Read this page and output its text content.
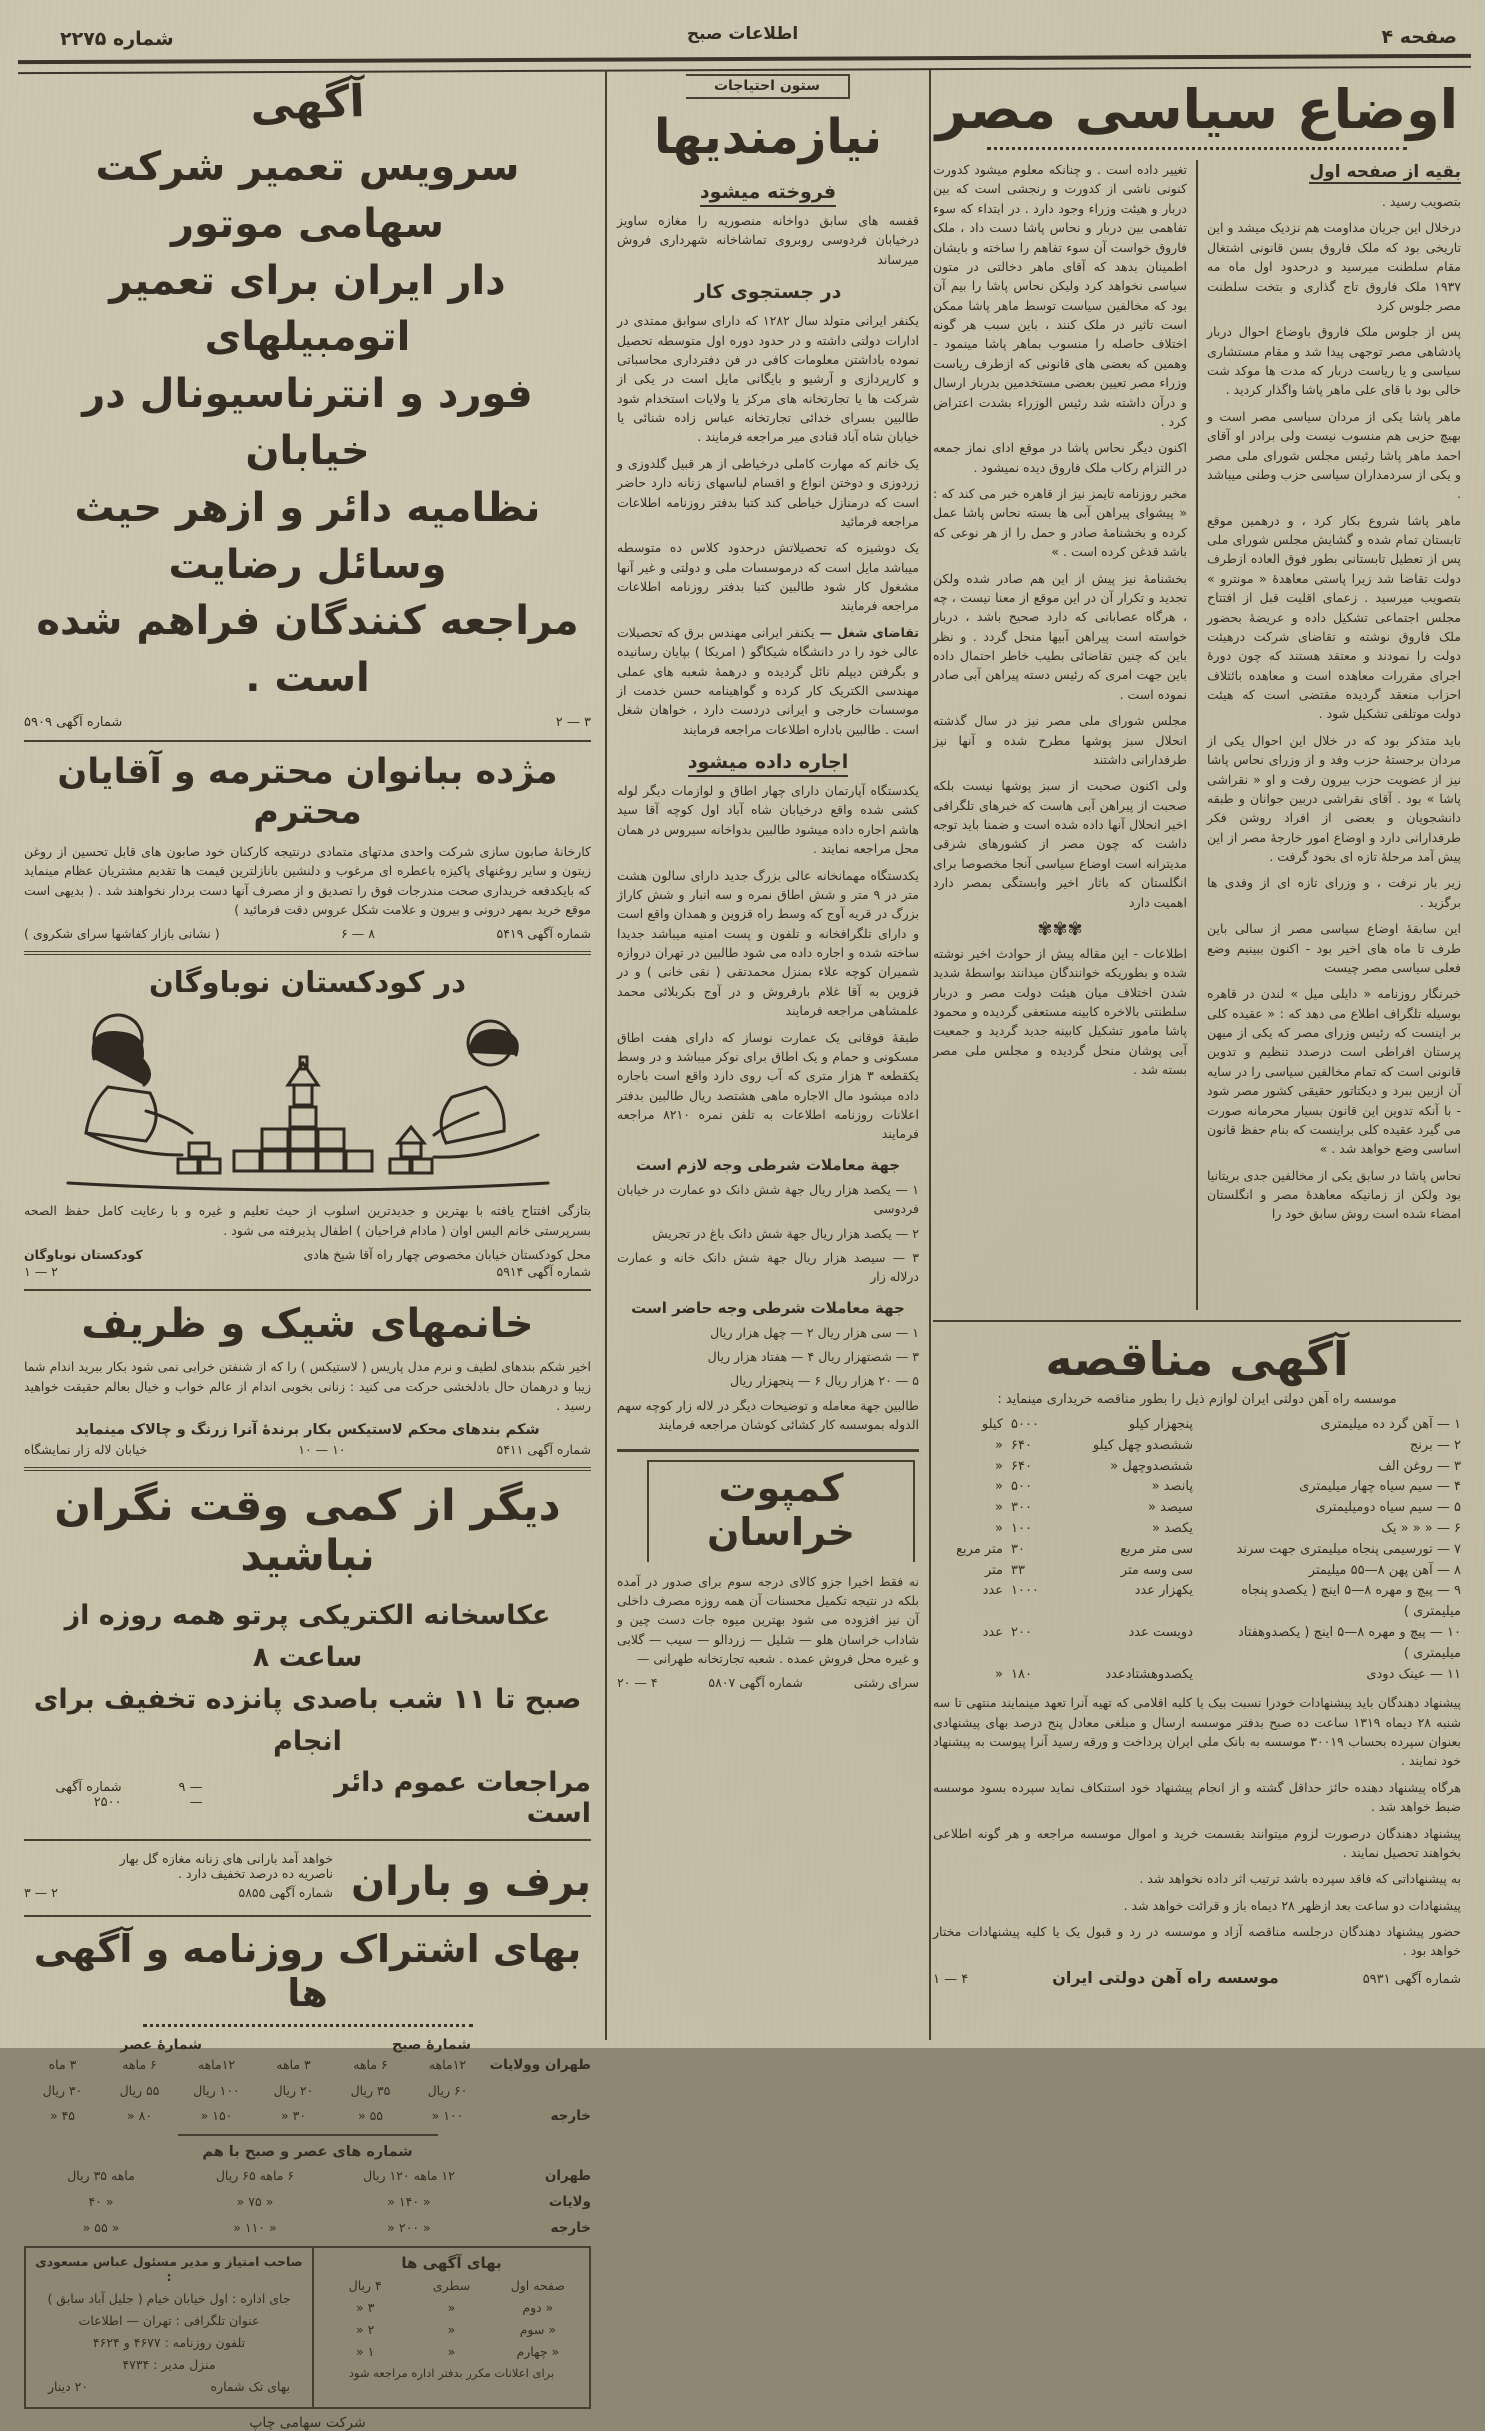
صفحه ۴
اطلاعات صبح
شماره ۲۲۷۵
اوضاع سیاسی مصر
بقیه از صفحه اول

بتصویب رسید .

درخلال این جریان مداومت هم نزدیک میشد و این تاریخی بود که ملک فاروق بسن قانونی اشتغال مقام سلطنت میرسید و درحدود اول ماه مه ۱۹۳۷ ملک فاروق تاج گذاری و بتخت سلطنت مصر جلوس کرد

پس از جلوس ملک فاروق باوضاع احوال دربار پادشاهی مصر توجهی پیدا شد و مقام مستشاری سیاسی و یا ریاست دربار که مدت ها موکد شت خالی بود با قای علی ماهر پاشا واگذار کردید .

ماهر پاشا یکی از مردان سیاسی مصر است و بهیچ حزبی هم منسوب نیست ولی برادر او آقای احمد ماهر پاشا رئیس مجلس شورای ملی مصر و یکی از سردمداران سیاسی حزب وطنی میباشد .

ماهر پاشا شروع بکار کرد ، و درهمین موقع تابستان تمام شده و گشایش مجلس شورای ملی پس از تعطیل تابستانی بطور فوق العاده ازطرف دولت تقاضا شد زیرا پاستی معاهدهٔ « مونترو » بتصویب میرسید . زعمای اقلیت قبل از افتتاح مجلس اجتماعی تشکیل داده و عریضهٔ بحضور ملک فاروق نوشته و تقاضای شرکت درهیئت دولت را نمودند و معتقد هستند که چون دورهٔ اجرای مقررات معاهده است و معاهده بائتلاف احزاب منعقد گردیده مقتضی است که هیئت دولت موتلفی تشکیل شود .

باید متذکر بود که در خلال این احوال یکی از مردان برجستهٔ حزب وفد و از وزرای نحاس پاشا نیز از عضویت حزب بیرون رفت و او « نقراشی پاشا » بود . آقای نقراشی دربین جوانان و طبقه دانشجویان و بعضی از افراد روشن فکر طرفدارانی دارد و اوضاع امور خارجهٔ مصر از این پیش آمد مرحلهٔ تازه ای بخود گرفت .

زیر بار نرفت ، و وزرای تازه ای از وفدی ها برگزید .

این سابقهٔ اوضاع سیاسی مصر از سالی باین طرف تا ماه های اخیر بود - اکنون ببینیم وضع فعلی سیاسی مصر چیست

خبرنگار روزنامه « دایلی میل » لندن در قاهره بوسیله تلگراف اطلاع می دهد که : « عقیده کلی بر اینست که رئیس وزرای مصر که یکی از میهن پرستان افراطی است درصدد تنظیم و تدوین قانونی است که تمام مخالفین سیاسی را در سایه آن ازبین ببرد و دیکتاتور حقیقی کشور مصر شود - با آنکه تدوین این قانون بسیار محرمانه صورت می گیرد عقیده کلی براینست که بنام حفظ قانون اساسی وضع خواهد شد . »

نحاس پاشا در سابق یکی از مخالفین جدی بریتانیا بود ولکن از زمانیکه معاهدهٔ مصر و انگلستان امضاء شده است روش سابق خود را

تغییر داده است . و چنانکه معلوم میشود کدورت کنونی ناشی از کدورت و رنجشی است که بین دربار و هیئت وزراء وجود دارد . در ابتداء که سوء تفاهمی بین دربار و نحاس پاشا دست داد ، ملک فاروق خواست آن سوء تفاهم را ساخته و بایشان اطمینان بدهد که آقای ماهر دخالتی در متون سیاسی نخواهد کرد ولیکن نحاس پاشا را بیم آن بود که مخالفین سیاست توسط ماهر پاشا ممکن است تاثیر در ملک کنند ، باین سبب هر گونه اختلاف حاصله را منسوب بماهر پاشا مینمود - وهمین که بعضی های قانونی که ازطرف ریاست وزراء مصر تعیین بعضی مستخدمین بدربار ارسال و درآن داشته شد رئیس الوزراء بشدت اعتراض کرد .

اکنون دیگر نحاس پاشا در موقع ادای نماز جمعه در التزام رکاب ملک فاروق دیده نمیشود .

مخبر روزنامه تایمز نیز از قاهره خبر می کند که : « پیشوای پیراهن آبی ها بسته نحاس پاشا عمل کرده و بخشنامهٔ صادر و حمل را از هر نوعی که باشد قدغن کرده است . »

بخشنامهٔ نیز پیش از این هم صادر شده ولکن تجدید و تکرار آن در این موقع از معنا نیست ، چه ، هرگاه عصابانی که دارد صحیح باشد ، دربار خواسته است پیراهن آبیها منحل گردد . و نظر باین که چنین تقاضائی بطیب خاطر احتمال داده باین جهت امری که رئیس دسته پیراهن آبی صادر نموده است .

مجلس شورای ملی مصر نیز در سال گذشته انحلال سبز پوشها مطرح شده و آنها نیز طرفدارانی داشتند

ولی اکنون صحبت از سبز پوشها نیست بلکه صحبت از پیراهن آبی هاست که خبرهای تلگرافی اخیر انحلال آنها داده شده است و ضمنا باید توجه داشت که چون مصر از کشورهای شرقی مدیترانه است اوضاع سیاسی آنجا مخصوصا برای انگلستان که باثار اخیر وابستگی بمصر دارد اهمیت دارد

✾✾✾

اطلاعات - این مقاله پیش از حوادث اخیر نوشته شده و بطوریکه خوانندگان میدانند بواسطهٔ شدید شدن اختلاف میان هیئت دولت مصر و دربار سلطنتی بالاخره کابینه مستعفی گردیده و محمود پاشا مامور تشکیل کابینه جدید گردید و جمعیت آبی پوشان منحل گردیده و مجلس ملی مصر بسته شد .

آگهی مناقصه
موسسه راه آهن دولتی ایران لوازم ذیل را بطور مناقصه خریداری مینماید :
۱ — آهن گرد ده میلیمتری
پنجهزار کیلو
۵۰۰۰
کیلو
۲ — برنج
ششصدو چهل کیلو
۶۴۰
«
۳ — روغن الف
ششصدوچهل «
۶۴۰
«
۴ — سیم سیاه چهار میلیمتری
پانصد «
۵۰۰
«
۵ — سیم سیاه دومیلیمتری
سیصد «
۳۰۰
«
۶ — « « « یک
یکصد «
۱۰۰
«
۷ — تورسیمی پنجاه میلیمتری جهت سرند
سی متر مربع
۳۰
متر مربع
۸ — آهن پهن ۸—۵۵ میلیمتر
سی وسه متر
۳۳
متر
۹ — پیچ و مهره ۸—۵ اینچ ( یکصدو پنجاه میلیمتری )
یکهزار عدد
۱۰۰۰
عدد
۱۰ — پیچ و مهره ۸—۵ اینچ ( یکصدوهفتاد میلیمتری )
دویست عدد
۲۰۰
عدد
۱۱ — عینک دودی
یکصدوهشتادعدد
۱۸۰
«

پیشنهاد دهندگان باید پیشنهادات خودرا نسبت بیک یا کلیه اقلامی که تهیه آنرا تعهد مینمایند منتهی تا سه شنبه ۲۸ دیماه ۱۳۱۹ ساعت ده صبح بدفتر موسسه ارسال و مبلغی معادل پنج درصد بهای پیشنهادی بعنوان سپرده بحساب ۳۰۰۱۹ موسسه به بانک ملی ایران پرداخت و ورقه رسید آنرا پیوست به پیشنهاد خود نمایند .

هرگاه پیشنهاد دهنده حائز حداقل گشته و از انجام پیشنهاد خود استنکاف نماید سپرده بسود موسسه ضبط خواهد شد .

پیشنهاد دهندگان درصورت لزوم میتوانند بقسمت خرید و اموال موسسه مراجعه و هر گونه اطلاعی بخواهند تحصیل نمایند .

به پیشنهاداتی که فاقد سپرده باشد ترتیب اثر داده نخواهد شد .

پیشنهادات دو ساعت بعد ازظهر ۲۸ دیماه باز و قرائت خواهد شد .

حضور پیشنهاد دهندگان درجلسه مناقصه آزاد و موسسه در رد و قبول یک یا کلیه پیشنهادات مختار خواهد بود .

شماره آگهی ۵۹۳۱
موسسه راه آهن دولتی ایران
۴ — ۱
ستون احتیاجات
نیازمندیها
فروخته میشود

قفسه های سابق دواخانه منصوریه را مغازه ساویز درخیابان فردوسی روبروی تماشاخانه شهرداری فروش میرساند

در جستجوی کار

یکنفر ایرانی متولد سال ۱۲۸۲ که دارای سوابق ممتدی در ادارات دولتی داشته و در حدود دوره اول متوسطه تحصیل نموده باداشتن معلومات کافی در فن دفترداری محاسباتی و کارپردازی و آرشیو و بایگانی مایل است در یکی از شرکت ها یا تجارتخانه های مرکز یا ولایات استخدام شود طالبین بسرای خدائی تجارتخانه عباس زاده شنائی یا خیابان شاه آباد قنادی میر مراجعه فرمایند .

یک خانم که مهارت کاملی درخیاطی از هر قبیل گلدوزی و زردوزی و دوختن انواع و اقسام لباسهای زنانه دارد حاضر است که درمنازل خیاطی کند کتبا بدفتر روزنامه اطلاعات مراجعه فرمائید

یک دوشیزه که تحصیلاتش درحدود کلاس ده متوسطه میباشد مایل است که درموسسات ملی و دولتی و غیر آنها مشغول کار شود طالبین کتبا بدفتر روزنامه اطلاعات مراجعه فرمایند

تقاضای شغل — یکنفر ایرانی مهندس برق که تحصیلات عالی خود را در دانشگاه شیکاگو ( امریکا ) بپایان رسانیده و بگرفتن دیپلم نائل گردیده و درهمهٔ شعبه های عملی مهندسی الکتریک کار کرده و گواهینامه حسن خدمت از موسسات خارجی و ایرانی دردست دارد ، خواهان شغل است . طالبین باداره اطلاعات مراجعه فرمایند

اجاره داده میشود

یکدستگاه آپارتمان دارای چهار اطاق و لوازمات دیگر لوله کشی شده واقع درخیابان شاه آباد اول کوچه آقا سید هاشم اجاره داده میشود طالبین بدواخانه سیروس در همان محل مراجعه نمایند .

یکدستگاه مهمانخانه عالی بزرگ جدید دارای سالون هشت متر در ۹ متر و شش اطاق نمره و سه انبار و شش کاراژ بزرگ در قریه آوج که وسط راه قزوین و همدان واقع است و دارای تلگرافخانه و تلفون و پست امنیه میباشد جدیدا ساخته شده و اجاره داده می شود طالبین در تهران دروازه شمیران کوچه علاء بمنزل محمدتقی ( نقی خانی ) و در قزوین به آقا غلام بارفروش و در آوج بکربلائی محمد علمشاهی مراجعه فرمایند

طبقهٔ فوقانی یک عمارت نوساز که دارای هفت اطاق مسکونی و حمام و یک اطاق برای نوکر میباشد و در وسط یکقطعه ۳ هزار متری که آب روی دارد واقع است باجاره داده میشود مال الاجاره ماهی هشتصد ریال طالبین بدفتر اعلانات روزنامه اطلاعات به تلفن نمره ۸۲۱۰ مراجعه فرمایند

جهة معاملات شرطی وجه لازم است

۱ — یکصد هزار ریال جهة شش دانک دو عمارت در خیابان فردوسی

۲ — یکصد هزار ریال جهة شش دانک باغ در تجریش

۳ — سیصد هزار ریال جهة شش دانک خانه و عمارت درلاله زار

جهة معاملات شرطی وجه حاضر است

۱ — سی هزار ریال ۲ — چهل هزار ریال

۳ — شصتهزار ریال ۴ — هفتاد هزار ریال

۵ — ۲۰ هزار ریال ۶ — پنجهزار ریال

طالبین جهة معامله و توضیحات دیگر در لاله زار کوچه سهم الدوله بموسسه کار کشائی کوشان مراجعه فرمایند

کمپوت خراسان

نه فقط اخیرا جزو کالای درجه سوم برای صدور در آمده بلکه در نتیجه تکمیل محسنات آن همه روزه مصرف داخلی آن نیز افزوده می شود بهترین میوه جات دست چین و شاداب خراسان هلو — شلیل — زردالو — سیب — گلابی و غیره محل فروش عمده . شعبه تجارتخانه طهرانی —

سرای رشتی
شماره آگهی ۵۸۰۷
۴ — ۲۰
آگهی
سرویس تعمیر شرکت سهامی موتور
دار ایران برای تعمیر اتومبیلهای
فورد و انترناسیونال در خیابان
نظامیه دائر و ازهر حیث وسائل رضایت
مراجعه کنندگان فراهم شده است .
۳ — ۲
شماره آگهی ۵۹۰۹
مژده ببانوان محترمه و آقایان محترم

کارخانهٔ صابون سازی شرکت واحدی مدتهای متمادی درنتیجه کارکنان خود صابون های قابل تحسین از روغن زیتون و سایر روغنهای پاکیزه باعطره ای مرغوب و دلنشین بانازلترین قیمت ها تقدیم مشتریان عظام مینماید که بایکدفعه خریداری صحت مندرجات فوق را تصدیق و از مصرف آنها دست بردار نخواهند شد . ( بدیهی است موقع خرید بمهر درونی و بیرون و علامت شکل عروس دقت فرمائید )

شماره آگهی ۵۴۱۹
۸ — ۶
( نشانی بازار کفاشها سرای شکروی )
در کودکستان نوباوگان

بتازگی افتتاح یافته با بهترین و جدیدترین اسلوب از حیث تعلیم و غیره و با رعایت کامل حفظ الصحه بسرپرستی خانم الیس اوان ( مادام فراحیان ) اطفال پذیرفته می شود .

محل کودکستان خیابان مخصوص چهار راه آقا شیخ هادی
کودکستان نوباوگان
شماره آگهی ۵۹۱۴
۲ — ۱
خانمهای شیک و ظریف

اخیر شکم بندهای لطیف و نرم مدل پاریس ( لاستیکس ) را که از شنفتن خرابی نمی شود بکار ببرید اندام شما زیبا و درهمان حال بادلخشی حرکت می کنید : زنانی بخوبی اندام از عالم خواب و خیال بعالم حقیقت خواهید رسید .

شکم بندهای محکم لاستیکس بکار برندهٔ آنرا زرنگ و چالاک مینماید
شماره آگهی ۵۴۱۱
۱۰ — ۱۰
خیابان لاله زار نمایشگاه
دیگر از کمی وقت نگران نباشید
عکاسخانه الکتریکی پرتو همه روزه از ساعت ۸
صبح تا ۱۱ شب باصدی پانزده تخفیف برای انجام
مراجعات عموم دائر است
— ۹ —
شماره آگهی ۲۵۰۰
برف و باران
خواهد آمد بارانی های زنانه مغازه گل بهار
ناصریه ده درصد تخفیف دارد .
شماره آگهی ۵۸۵۵
۲ — ۳
بهای اشتراک روزنامه و آگهی ها
شمارهٔ صبح
شمارهٔ عصر
طهران وولایات
۱۲ماهه
۶ ماهه
۳ ماهه
۱۲ماهه
۶ ماهه
۳ ماه
۶۰ ریال
۳۵ ریال
۲۰ ریال
۱۰۰ ریال
۵۵ ریال
۳۰ ریال
خارجه
۱۰۰ «
۵۵ «
۳۰ «
۱۵۰ «
۸۰ «
۴۵ «
شماره های عصر و صبح با هم
طهران
۱۲ ماهه ۱۲۰ ریال
۶ ماهه ۶۵ ریال
ماهه ۳۵ ریال
ولایات
« ۱۴۰ «
« ۷۵ «
« ۴۰
خارجه
« ۲۰۰ «
« ۱۱۰ «
« ۵۵ «
بهای آگهی ها
صفحه اول
سطری
۴ ریال
« دوم
«
۳ «
« سوم
«
۲ «
« چهارم
«
۱ «
برای اعلانات مکرر بدفتر اداره مراجعه شود
صاحب امتیاز و مدیر مسئول عباس مسعودی :
جای اداره : اول خیابان خیام ( جلیل آباد سابق )
عنوان تلگرافی : تهران — اطلاعات
تلفون روزنامه : ۴۶۷۷ و ۴۶۲۴
منزل مدیر : ۴۷۳۴
بهای تک شماره
۲۰ دینار
شرکت سهامی چاپ
